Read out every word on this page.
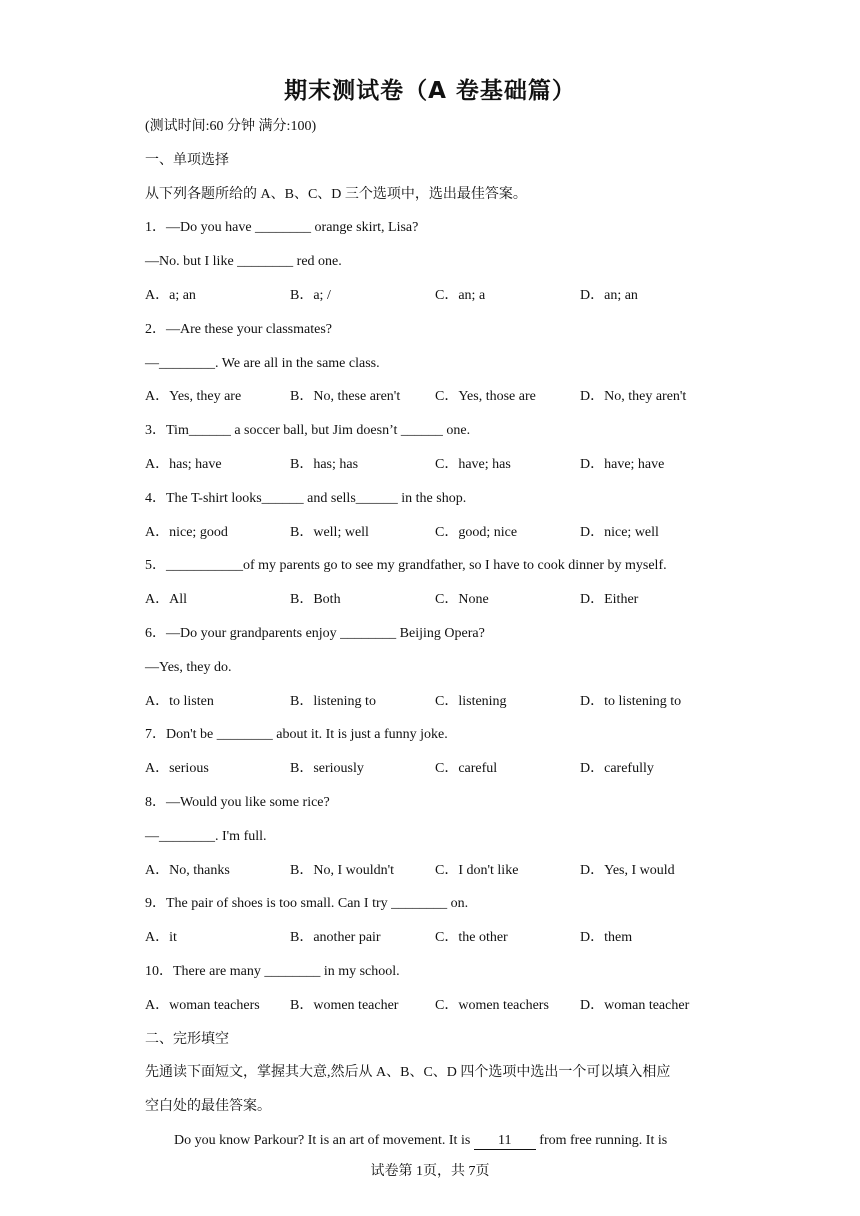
期末测试卷（A 卷基础篇）
(测试时间:60 分钟 满分:100)
一、单项选择
从下列各题所给的 A、B、C、D 三个选项中，选出最佳答案。
1．—Do you have ________ orange skirt, Lisa?
—No. but I like ________ red one.
A．a; an	B．a; /	C．an; a	D．an; an
2．—Are these your classmates?
—________. We are all in the same class.
A．Yes, they are	B．No, these aren't	C．Yes, those are	D．No, they aren't
3．Tim______ a soccer ball, but Jim doesn’t ______ one.
A．has; have	B．has; has	C．have; has	D．have; have
4．The T-shirt looks______ and sells______ in the shop.
A．nice; good	B．well; well	C．good; nice	D．nice; well
5．___________of my parents go to see my grandfather, so I have to cook dinner by myself.
A．All	B．Both	C．None	D．Either
6．—Do your grandparents enjoy ________ Beijing Opera?
—Yes, they do.
A．to listen	B．listening to	C．listening	D．to listening to
7．Don't be ________ about it. It is just a funny joke.
A．serious	B．seriously	C．careful	D．carefully
8．—Would you like some rice?
—________. I'm full.
A．No, thanks	B．No, I wouldn't	C．I don't like	D．Yes, I would
9．The pair of shoes is too small. Can I try ________ on.
A．it	B．another pair	C．the other	D．them
10．There are many ________ in my school.
A．woman teachers	B．women teacher	C．women teachers	D．woman teacher
二、完形填空
先通读下面短文，掌握其大意,然后从 A、B、C、D 四个选项中选出一个可以填入相应
空白处的最佳答案。
Do you know Parkour? It is an art of movement. It is 11 from free running. It is
试卷第 1页，共 7页
